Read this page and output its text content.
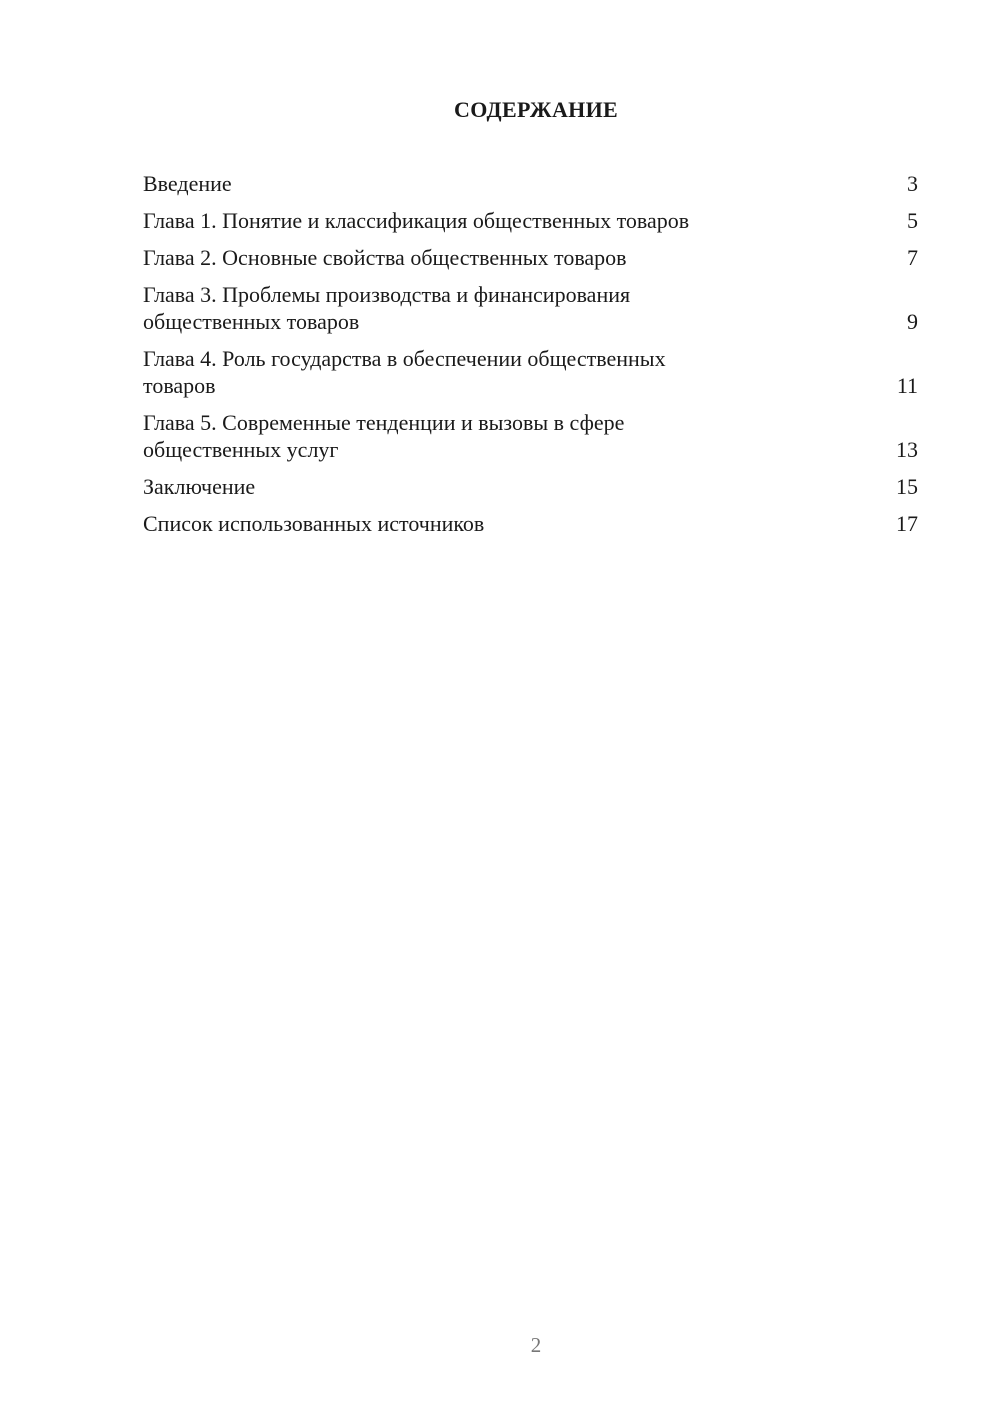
СОДЕРЖАНИЕ
Введение	3
Глава 1. Понятие и классификация общественных товаров	5
Глава 2. Основные свойства общественных товаров	7
Глава 3. Проблемы производства и финансирования общественных товаров	9
Глава 4. Роль государства в обеспечении общественных товаров	11
Глава 5. Современные тенденции и вызовы в сфере общественных услуг	13
Заключение	15
Список использованных источников	17
2
